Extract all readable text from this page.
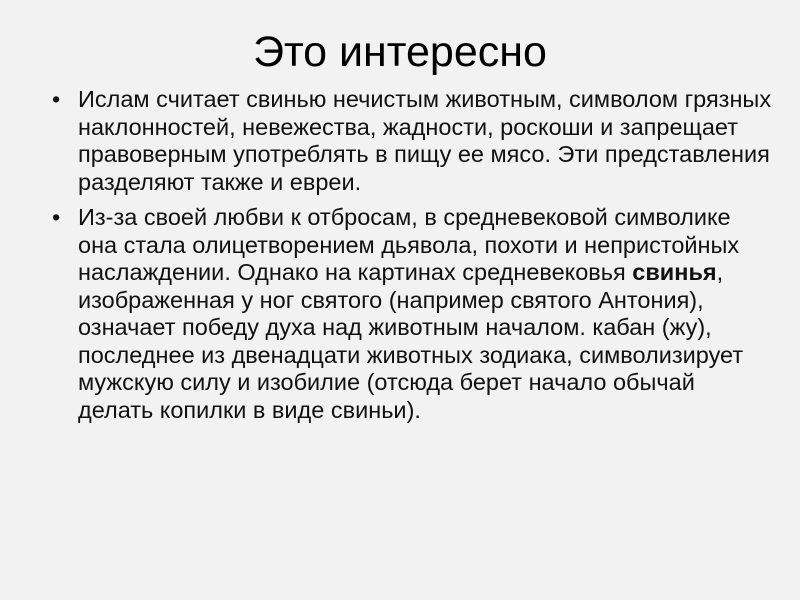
Это интересно
• Ислам считает свинью нечистым животным, символом грязных наклонностей, невежества, жадности, роскоши и запрещает правоверным употреблять в пищу ее мясо. Эти представления разделяют также и евреи.
• Из-за своей любви к отбросам, в средневековой символике она стала олицетворением дьявола, похоти и непристойных наслаждении. Однако на картинах средневековья свинья, изображенная у ног святого (например святого Антония), означает победу духа над животным началом. кабан (жу), последнее из двенадцати животных зодиака, символизирует мужскую силу и изобилие (отсюда берет начало обычай делать копилки в виде свиньи).
